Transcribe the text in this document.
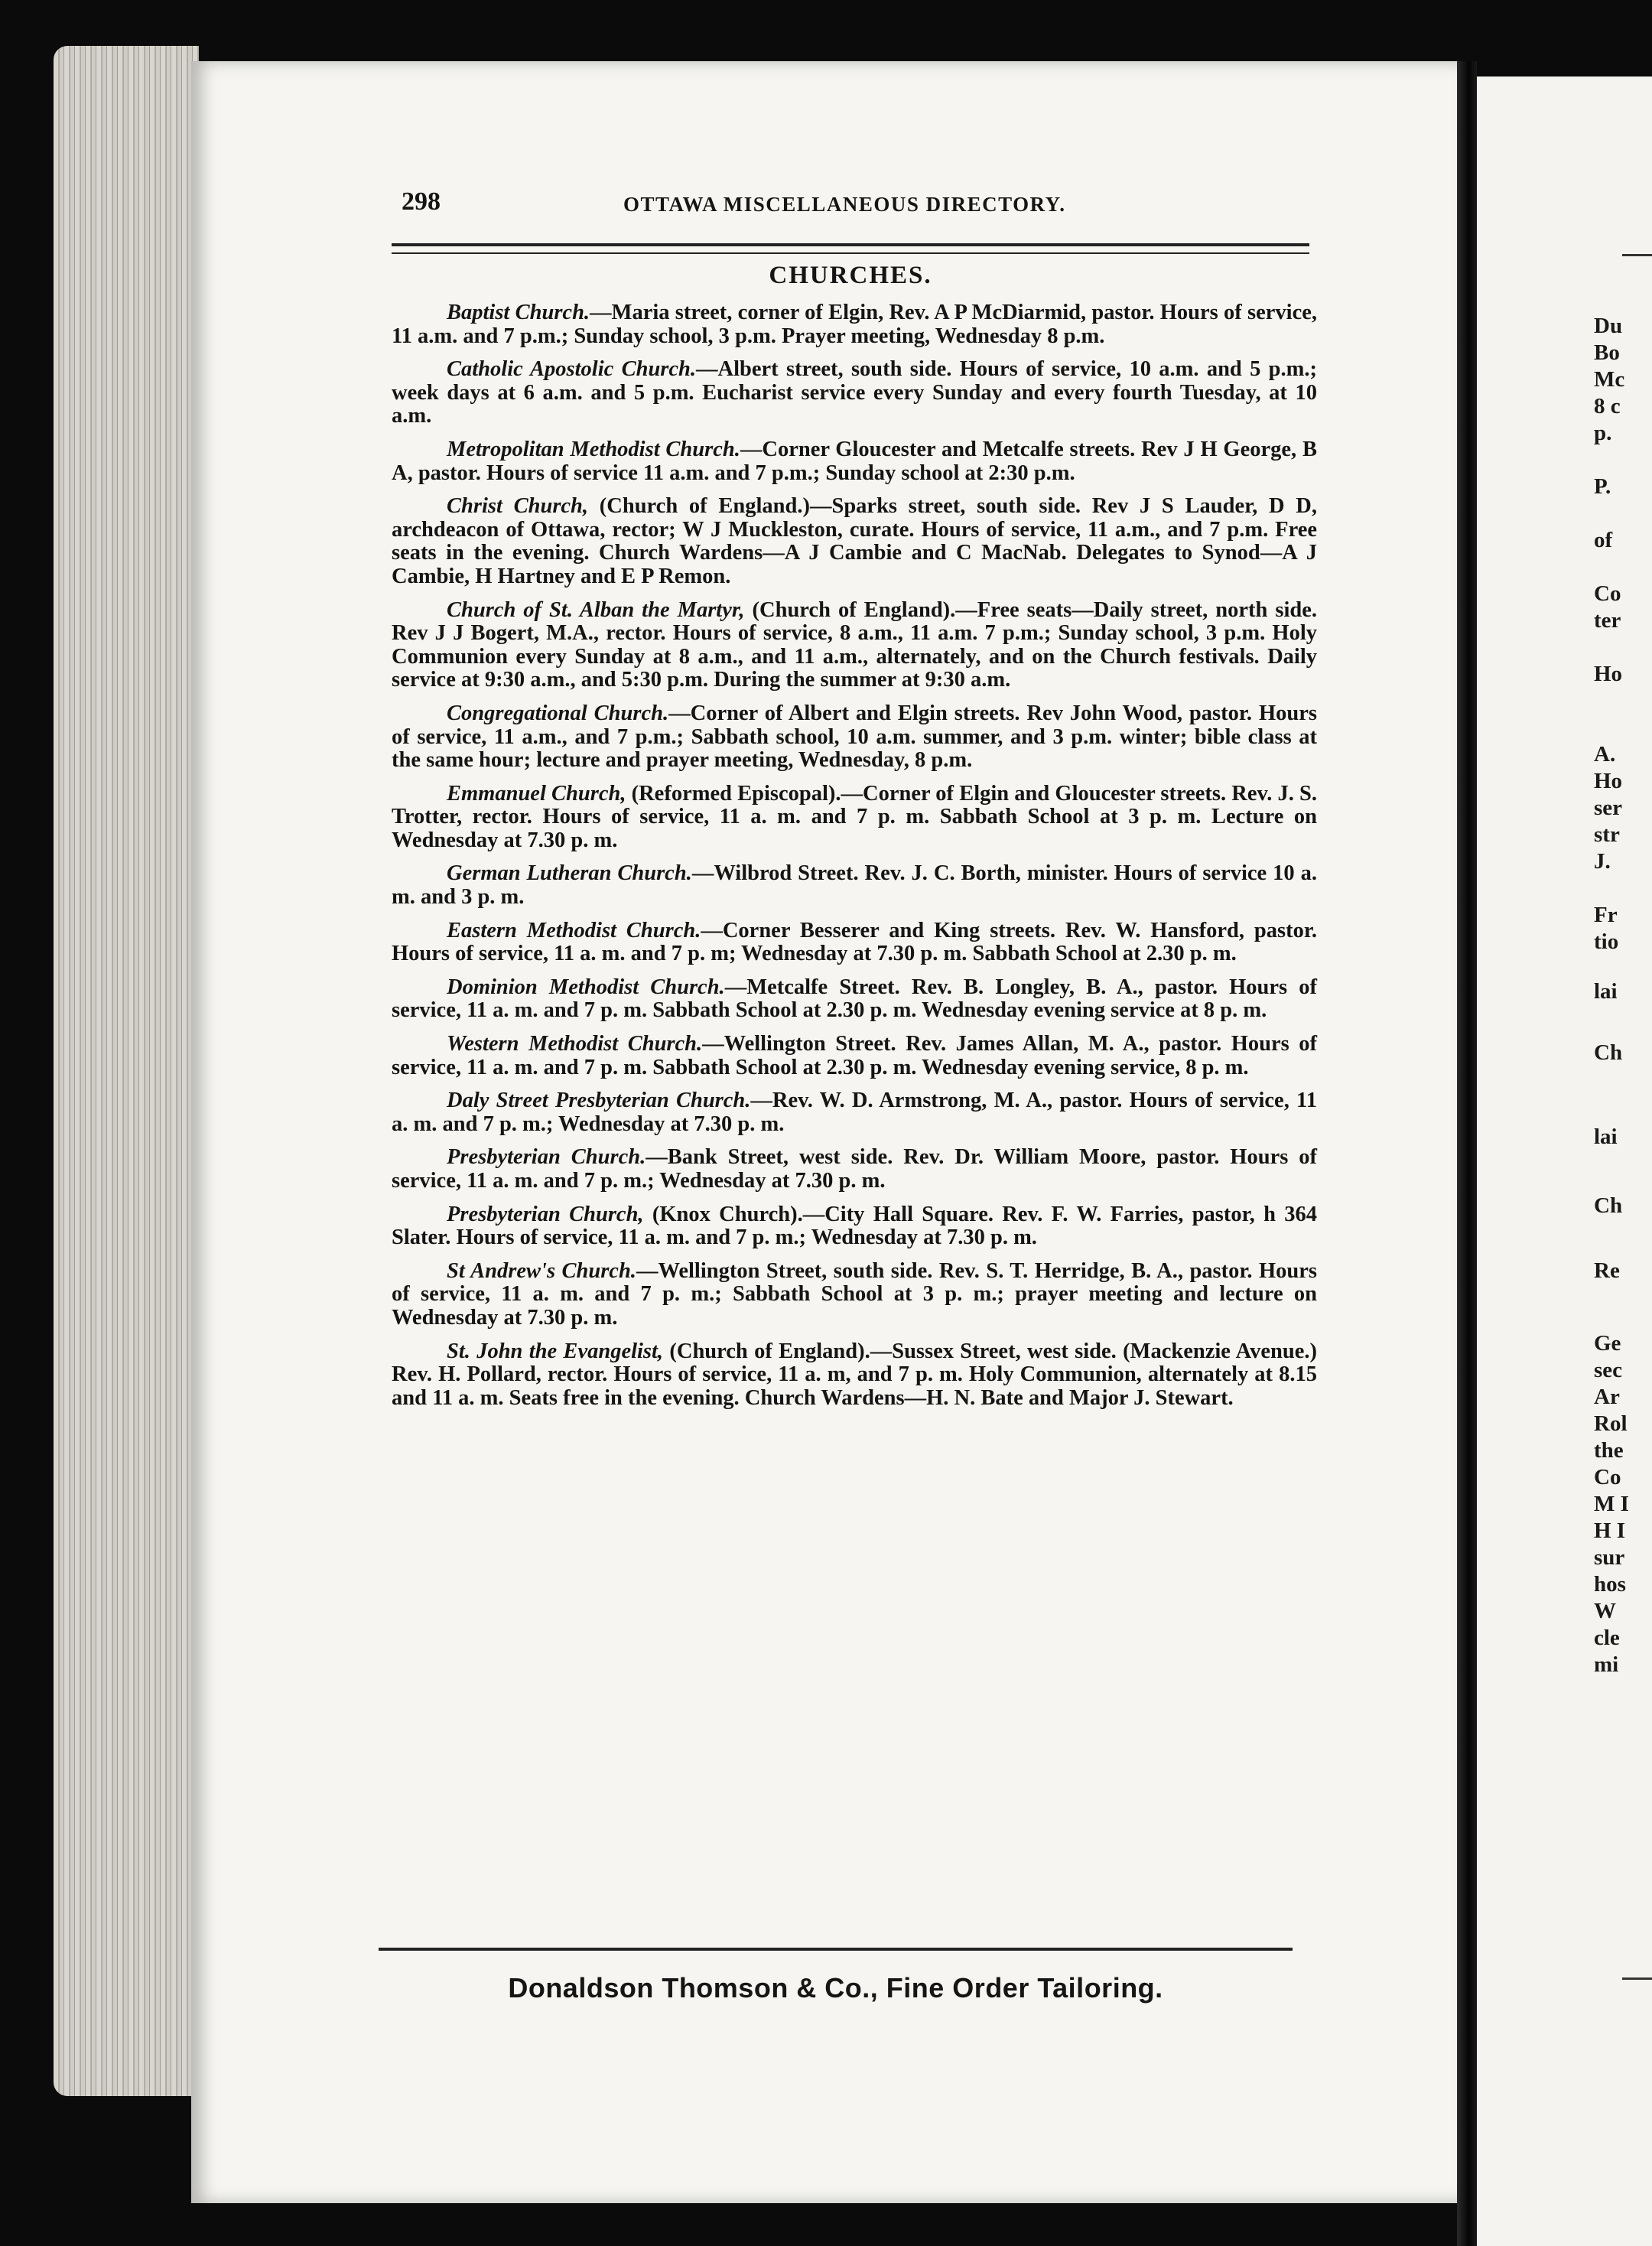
298	OTTAWA MISCELLANEOUS DIRECTORY.
CHURCHES.

Baptist Church.—Maria street, corner of Elgin, Rev. A P McDiarmid, pastor. Hours of service, 11 a.m. and 7 p.m.; Sunday school, 3 p.m. Prayer meeting, Wednesday 8 p.m.

Catholic Apostolic Church.—Albert street, south side. Hours of service, 10 a.m. and 5 p.m.; week days at 6 a.m. and 5 p.m. Eucharist service every Sunday and every fourth Tuesday, at 10 a.m.

Metropolitan Methodist Church.—Corner Gloucester and Metcalfe streets. Rev J H George, B A, pastor. Hours of service 11 a.m. and 7 p.m.; Sunday school at 2:30 p.m.

Christ Church, (Church of England.)—Sparks street, south side. Rev J S Lauder, D D, archdeacon of Ottawa, rector; W J Muckleston, curate. Hours of service, 11 a.m., and 7 p.m. Free seats in the evening. Church Wardens—A J Cambie and C MacNab. Delegates to Synod—A J Cambie, H Hartney and E P Remon.

Church of St. Alban the Martyr, (Church of England).—Free seats—Daily street, north side. Rev J J Bogert, M.A., rector. Hours of service, 8 a.m., 11 a.m. 7 p.m.; Sunday school, 3 p.m. Holy Communion every Sunday at 8 a.m., and 11 a.m., alternately, and on the Church festivals. Daily service at 9:30 a.m., and 5:30 p.m. During the summer at 9:30 a.m.

Congregational Church.—Corner of Albert and Elgin streets. Rev John Wood, pastor. Hours of service, 11 a.m., and 7 p.m.; Sabbath school, 10 a.m. summer, and 3 p.m. winter; bible class at the same hour; lecture and prayer meeting, Wednesday, 8 p.m.

Emmanuel Church, (Reformed Episcopal).—Corner of Elgin and Gloucester streets. Rev. J. S. Trotter, rector. Hours of service, 11 a. m. and 7 p. m. Sabbath School at 3 p. m. Lecture on Wednesday at 7.30 p. m.

German Lutheran Church.—Wilbrod Street. Rev. J. C. Borth, minister. Hours of service 10 a. m. and 3 p. m.

Eastern Methodist Church.—Corner Besserer and King streets. Rev. W. Hansford, pastor. Hours of service, 11 a. m. and 7 p. m; Wednesday at 7.30 p. m. Sabbath School at 2.30 p. m.

Dominion Methodist Church.—Metcalfe Street. Rev. B. Longley, B. A., pastor. Hours of service, 11 a. m. and 7 p. m. Sabbath School at 2.30 p. m. Wednesday evening service at 8 p. m.

Western Methodist Church.—Wellington Street. Rev. James Allan, M. A., pastor. Hours of service, 11 a. m. and 7 p. m. Sabbath School at 2.30 p. m. Wednesday evening service, 8 p. m.

Daly Street Presbyterian Church.—Rev. W. D. Armstrong, M. A., pastor. Hours of service, 11 a. m. and 7 p. m.; Wednesday at 7.30 p. m.

Presbyterian Church.—Bank Street, west side. Rev. Dr. William Moore, pastor. Hours of service, 11 a. m. and 7 p. m.; Wednesday at 7.30 p. m.

Presbyterian Church, (Knox Church).—City Hall Square. Rev. F. W. Farries, pastor, h 364 Slater. Hours of service, 11 a. m. and 7 p. m.; Wednesday at 7.30 p. m.

St Andrew's Church.—Wellington Street, south side. Rev. S. T. Herridge, B. A., pastor. Hours of service, 11 a. m. and 7 p. m.; Sabbath School at 3 p. m.; prayer meeting and lecture on Wednesday at 7.30 p. m.

St. John the Evangelist, (Church of England).—Sussex Street, west side. (Mackenzie Avenue.) Rev. H. Pollard, rector. Hours of service, 11 a. m, and 7 p. m. Holy Communion, alternately at 8.15 and 11 a. m. Seats free in the evening. Church Wardens—H. N. Bate and Major J. Stewart.

Donaldson Thomson & Co., Fine Order Tailoring.
Du
Bo
Mc
8 c
p.
P.
of
Co
ter
Ho
A.
Ho
ser
str
J.
Fr
tio
lai
Ch
lai
Ch
Re
Ge
sec
Ar
Rol
the
Co
M I
H I
sur
hos
W
cle
mi
